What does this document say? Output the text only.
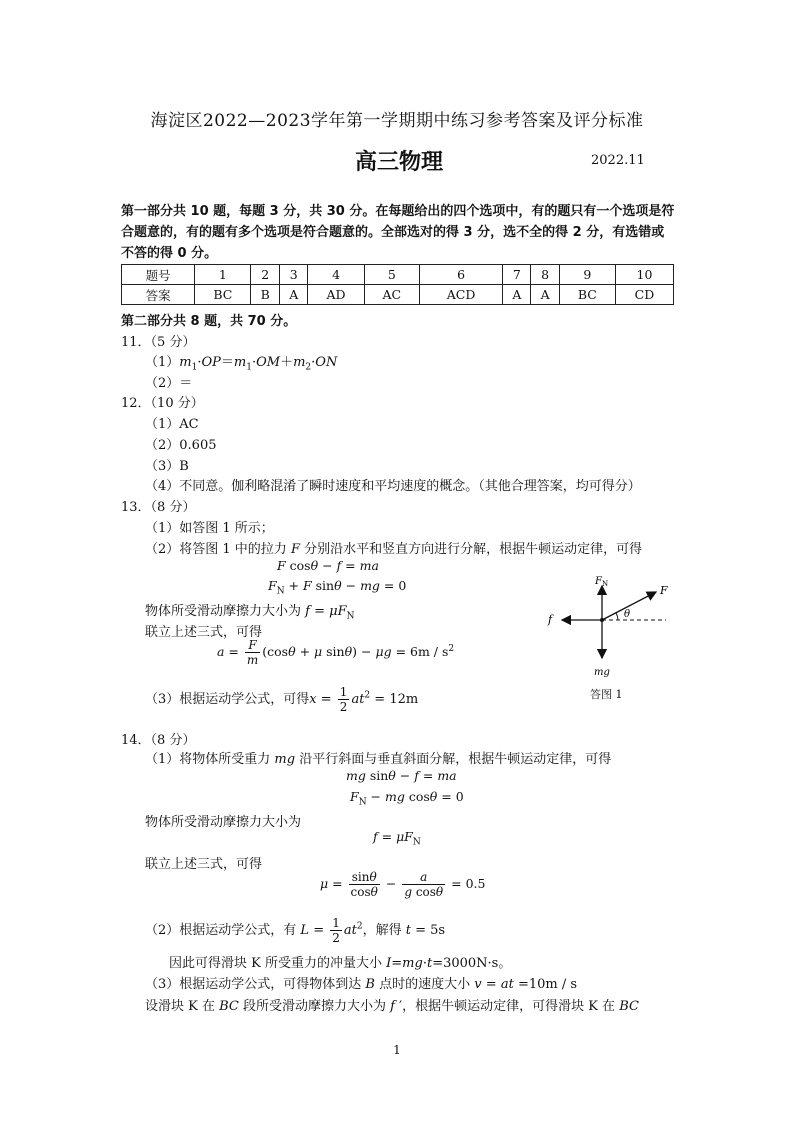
海淀区2022—2023学年第一学期期中练习参考答案及评分标准
高三物理	2022.11
第一部分共 10 题，每题 3 分，共 30 分。在每题给出的四个选项中，有的题只有一个选项是符合题意的，有的题有多个选项是符合题意的。全部选对的得 3 分，选不全的得 2 分，有选错或不答的得 0 分。
题号	1	2	3	4	5	6	7	8	9	10
答案	BC	B	A	AD	AC	ACD	A	A	BC	CD
第二部分共 8 题，共 70 分。
11．（5 分）
$(1)m_1\cdot OP=m_1\cdot OM+m_2\cdot ON$
（2）＝
12．（10 分）
（1）AC
（2）0.605
（3）B
（4）不同意。伽利略混淆了瞬时速度和平均速度的概念。（其他合理答案，均可得分）
13．（8 分）
（1）如答图 1 所示；
（2）将答图 1 中的拉力 F 分别沿水平和竖直方向进行分解，根据牛顿运动定律，可得
F cosθ − f = ma
$F_N + F$ sinθ − mg = 0
物体所受滑动摩擦力大小为 $f = \mu F_N$
联立上述三式，可得
$a = \frac{F}{m} (\cos\theta + \mu$ $\sin\theta) - \mu g = 6m / s^2$
（3）根据运动学公式，可得$x = \frac{1}{2} at^2 = 12m$
$F_N$	F
θ
f
mg
答图 1
14．（8 分）
（1）将物体所受重力 mg 沿平行斜面与垂直斜面分解，根据牛顿运动定律，可得
mg sinθ − f = ma
$F_N$ − mg cosθ = 0
物体所受滑动摩擦力大小为
$f = \mu F_N$
联立上述三式，可得
$\mu = \frac{\sin\theta}{\cos\theta} - \frac{a}{\text{g cosθ}} = 0.5$
（2）根据运动学公式，有 $L = \frac{1}{2} at^2$，解得 t = 5s
因此可得滑块 K 所受重力的冲量大小 I=mg·t=3000N·s。
（3）根据运动学公式，可得物体到达 B 点时的速度大小 v = at =10m / s
设滑块 K 在 BC 段所受滑动摩擦力大小为 f ′，根据牛顿运动定律，可得滑块 K 在 BC
1
